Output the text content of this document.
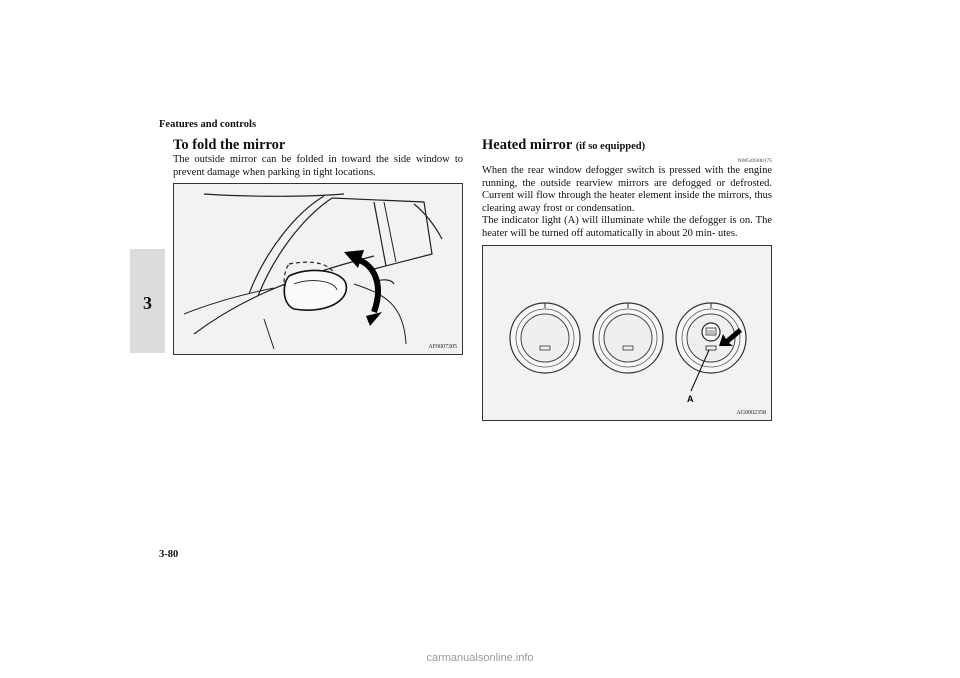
Features and controls
3
To fold the mirror

The outside mirror can be folded in toward the side window to prevent damage when parking in tight locations.

AF0007305
Heated mirror (if so equipped)
N00549300175

When the rear window defogger switch is pressed with the engine running, the outside rearview mirrors are defogged or defrosted. Current will flow through the heater element inside the mirrors, thus clearing away frost or condensation.

The indicator light (A) will illuminate while the defogger is on. The heater will be turned off automatically in about 20 min- utes.

A
AG0002358
3-80
carmanualsonline.info
